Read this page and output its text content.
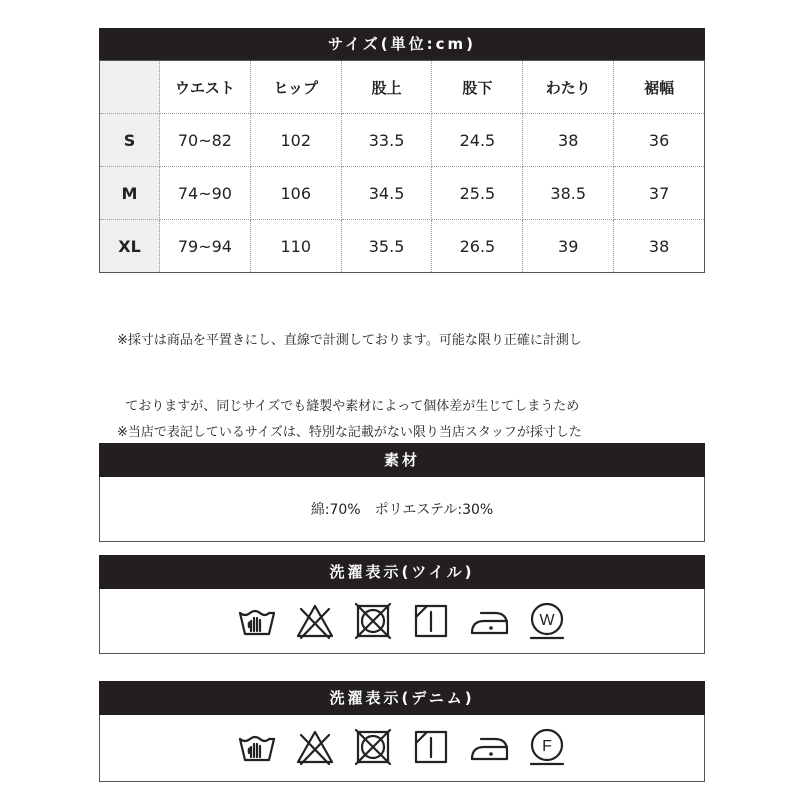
サイズ(単位:cm)
	ウエスト	ヒップ	股上	股下	わたり	裾幅
S	70~82	102	33.5	24.5	38	36
M	74~90	106	34.5	25.5	38.5	37
XL	79~94	110	35.5	26.5	39	38

※採寸は商品を平置きにし、直線で計測しております。可能な限り正確に計測し

ておりますが、同じサイズでも縫製や素材によって個体差が生じてしまうため

※当店で表記しているサイズは、特別な記載がない限り当店スタッフが採寸した

素材
綿:70%　ポリエステル:30%
洗濯表示(ツイル)
W
洗濯表示(デニム)
F
